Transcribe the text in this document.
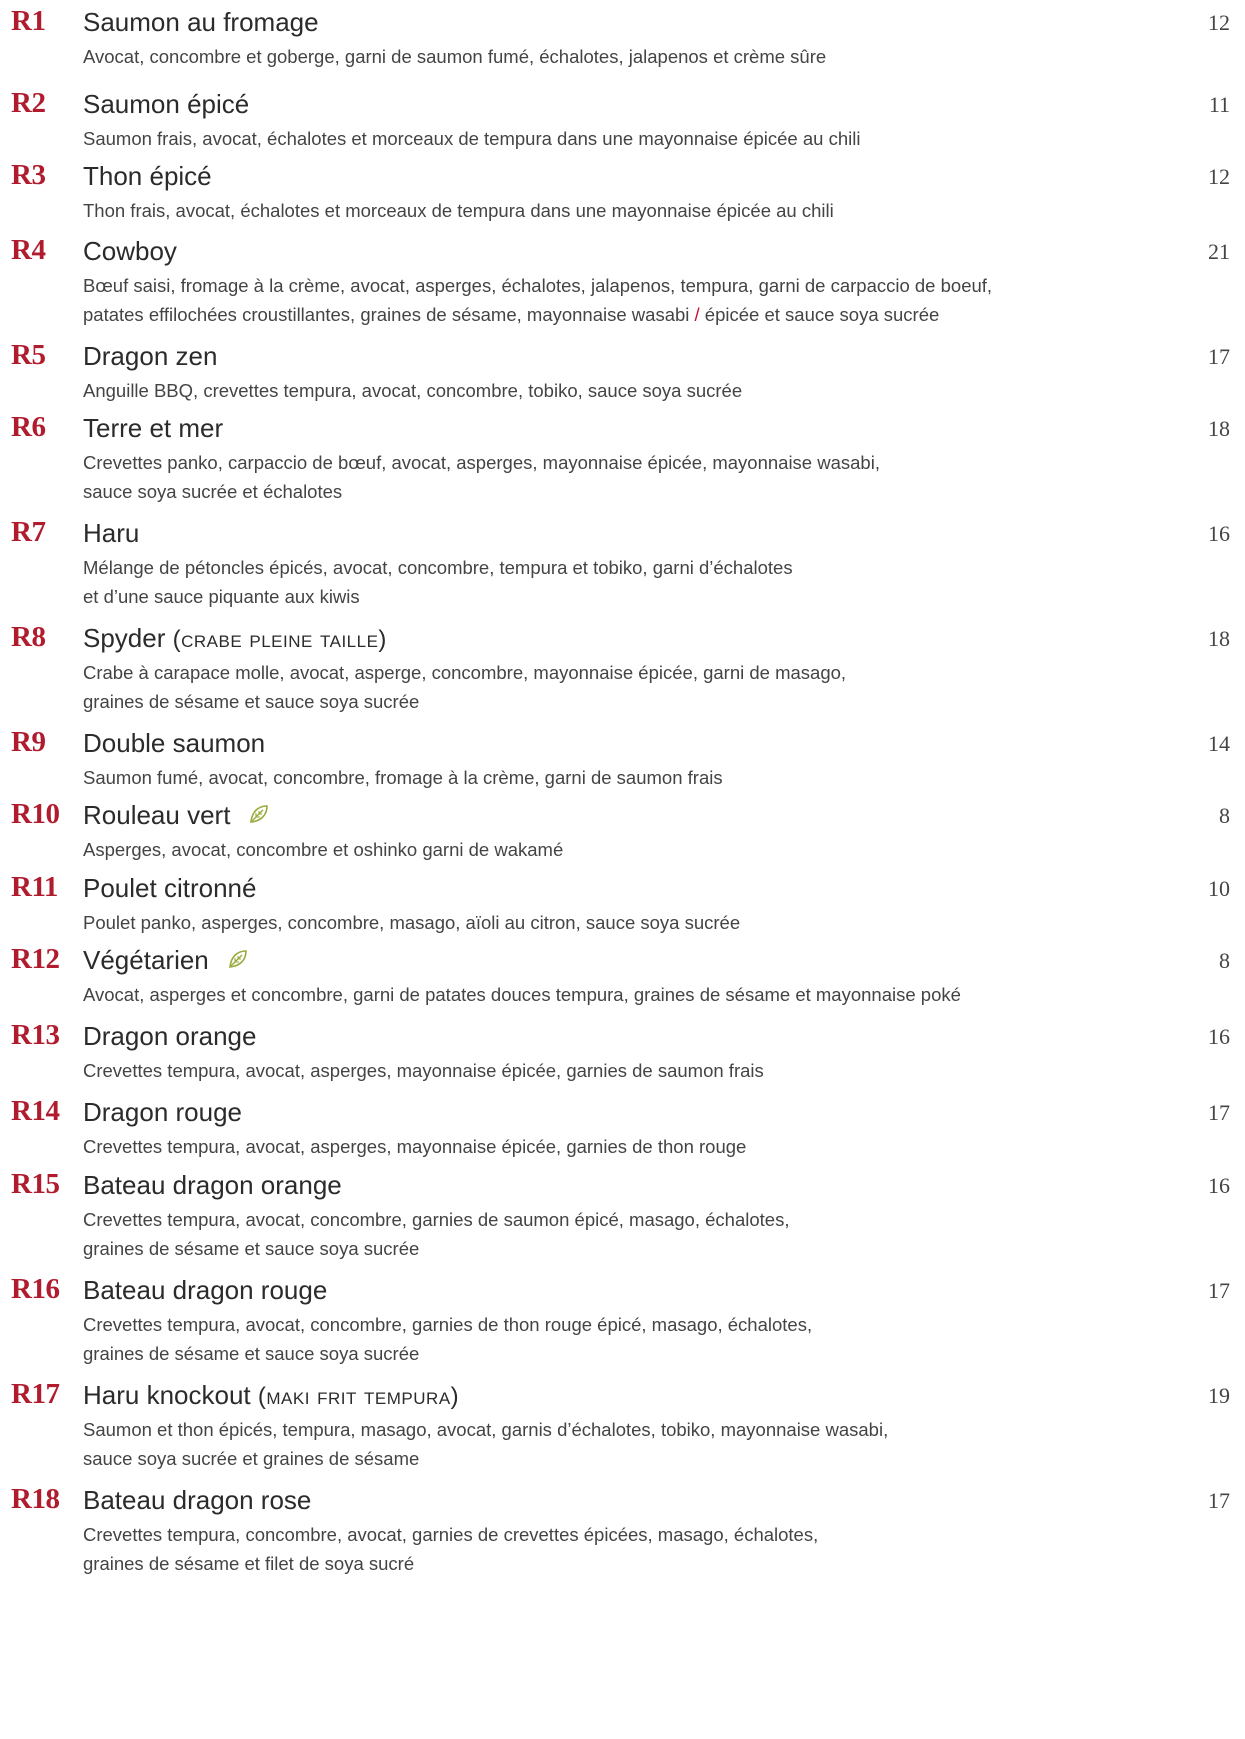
R1 Saumon au fromage	12
Avocat, concombre et goberge, garni de saumon fumé, échalotes, jalapenos et crème sûre
R2 Saumon épicé	11
Saumon frais, avocat, échalotes et morceaux de tempura dans une mayonnaise épicée au chili
R3 Thon épicé	12
Thon frais, avocat, échalotes et morceaux de tempura dans une mayonnaise épicée au chili
R4 Cowboy	21
Bœuf saisi, fromage à la crème, avocat, asperges, échalotes, jalapenos, tempura, garni de carpaccio de boeuf,
patates effilochées croustillantes, graines de sésame, mayonnaise wasabi / épicée et sauce soya sucrée
R5 Dragon zen	17
Anguille BBQ, crevettes tempura, avocat, concombre, tobiko, sauce soya sucrée
R6 Terre et mer	18
Crevettes panko, carpaccio de bœuf, avocat, asperges, mayonnaise épicée, mayonnaise wasabi,
sauce soya sucrée et échalotes
R7 Haru	16
Mélange de pétoncles épicés, avocat, concombre, tempura et tobiko, garni d’échalotes
et d’une sauce piquante aux kiwis
R8 Spyder (crabe pleine taille)	18
Crabe à carapace molle, avocat, asperge, concombre, mayonnaise épicée, garni de masago,
graines de sésame et sauce soya sucrée
R9 Double saumon	14
Saumon fumé, avocat, concombre, fromage à la crème, garni de saumon frais
R10 Rouleau vert	8
Asperges, avocat, concombre et oshinko garni de wakamé
R11 Poulet citronné	10
Poulet panko, asperges, concombre, masago, aïoli au citron, sauce soya sucrée
R12 Végétarien	8
Avocat, asperges et concombre, garni de patates douces tempura, graines de sésame et mayonnaise poké
R13 Dragon orange	16
Crevettes tempura, avocat, asperges, mayonnaise épicée, garnies de saumon frais
R14 Dragon rouge	17
Crevettes tempura, avocat, asperges, mayonnaise épicée, garnies de thon rouge
R15 Bateau dragon orange	16
Crevettes tempura, avocat, concombre, garnies de saumon épicé, masago, échalotes,
graines de sésame et sauce soya sucrée
R16 Bateau dragon rouge	17
Crevettes tempura, avocat, concombre, garnies de thon rouge épicé, masago, échalotes,
graines de sésame et sauce soya sucrée
R17 Haru knockout (maki frit tempura)	19
Saumon et thon épicés, tempura, masago, avocat, garnis d’échalotes, tobiko, mayonnaise wasabi,
sauce soya sucrée et graines de sésame
R18 Bateau dragon rose	17
Crevettes tempura, concombre, avocat, garnies de crevettes épicées, masago, échalotes,
graines de sésame et filet de soya sucré
